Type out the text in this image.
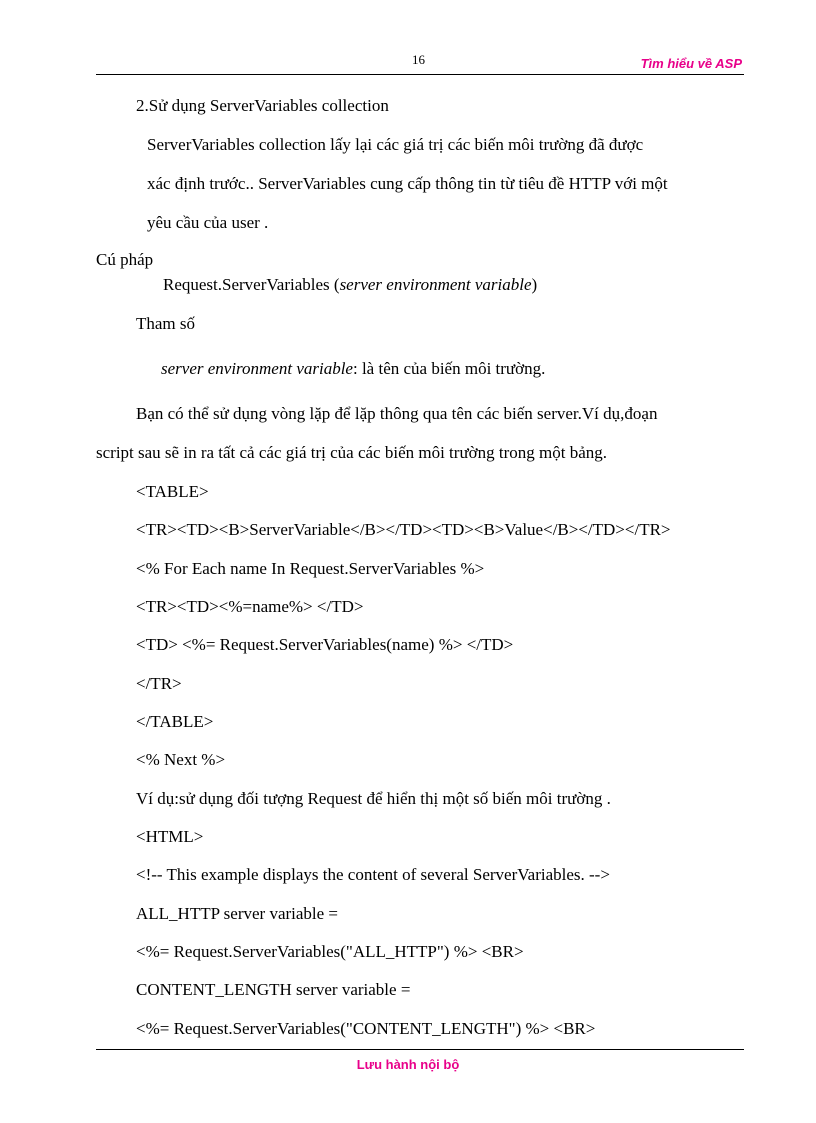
16	Tìm hiểu về ASP
2.Sử dụng ServerVariables collection
ServerVariables collection lấy lại các giá trị các biến môi trường đã được
xác định trước.. ServerVariables cung cấp thông tin từ tiêu đề HTTP với một
yêu cầu của user .
Cú pháp
Request.ServerVariables (server environment variable)
Tham số
server environment variable: là tên của biến môi trường.
Bạn có thể sử dụng vòng lặp để lặp thông qua tên các biến server.Ví dụ,đoạn
script sau sẽ in ra tất cả các giá trị của các biến môi trường trong một bảng.
<TABLE>
<TR><TD><B>ServerVariable</B></TD><TD><B>Value</B></TD></TR>
<% For Each name In Request.ServerVariables %>
<TR><TD><%=name%> </TD>
<TD> <%= Request.ServerVariables(name) %> </TD>
</TR>
</TABLE>
<% Next %>
Ví dụ:sử dụng đối tượng Request để hiển thị một số biến môi trường .
<HTML>
<!-- This example displays the content of several ServerVariables. -->
ALL_HTTP server variable =
<%= Request.ServerVariables("ALL_HTTP") %> <BR>
CONTENT_LENGTH server variable =
<%= Request.ServerVariables("CONTENT_LENGTH") %> <BR>
Lưu hành nội bộ
